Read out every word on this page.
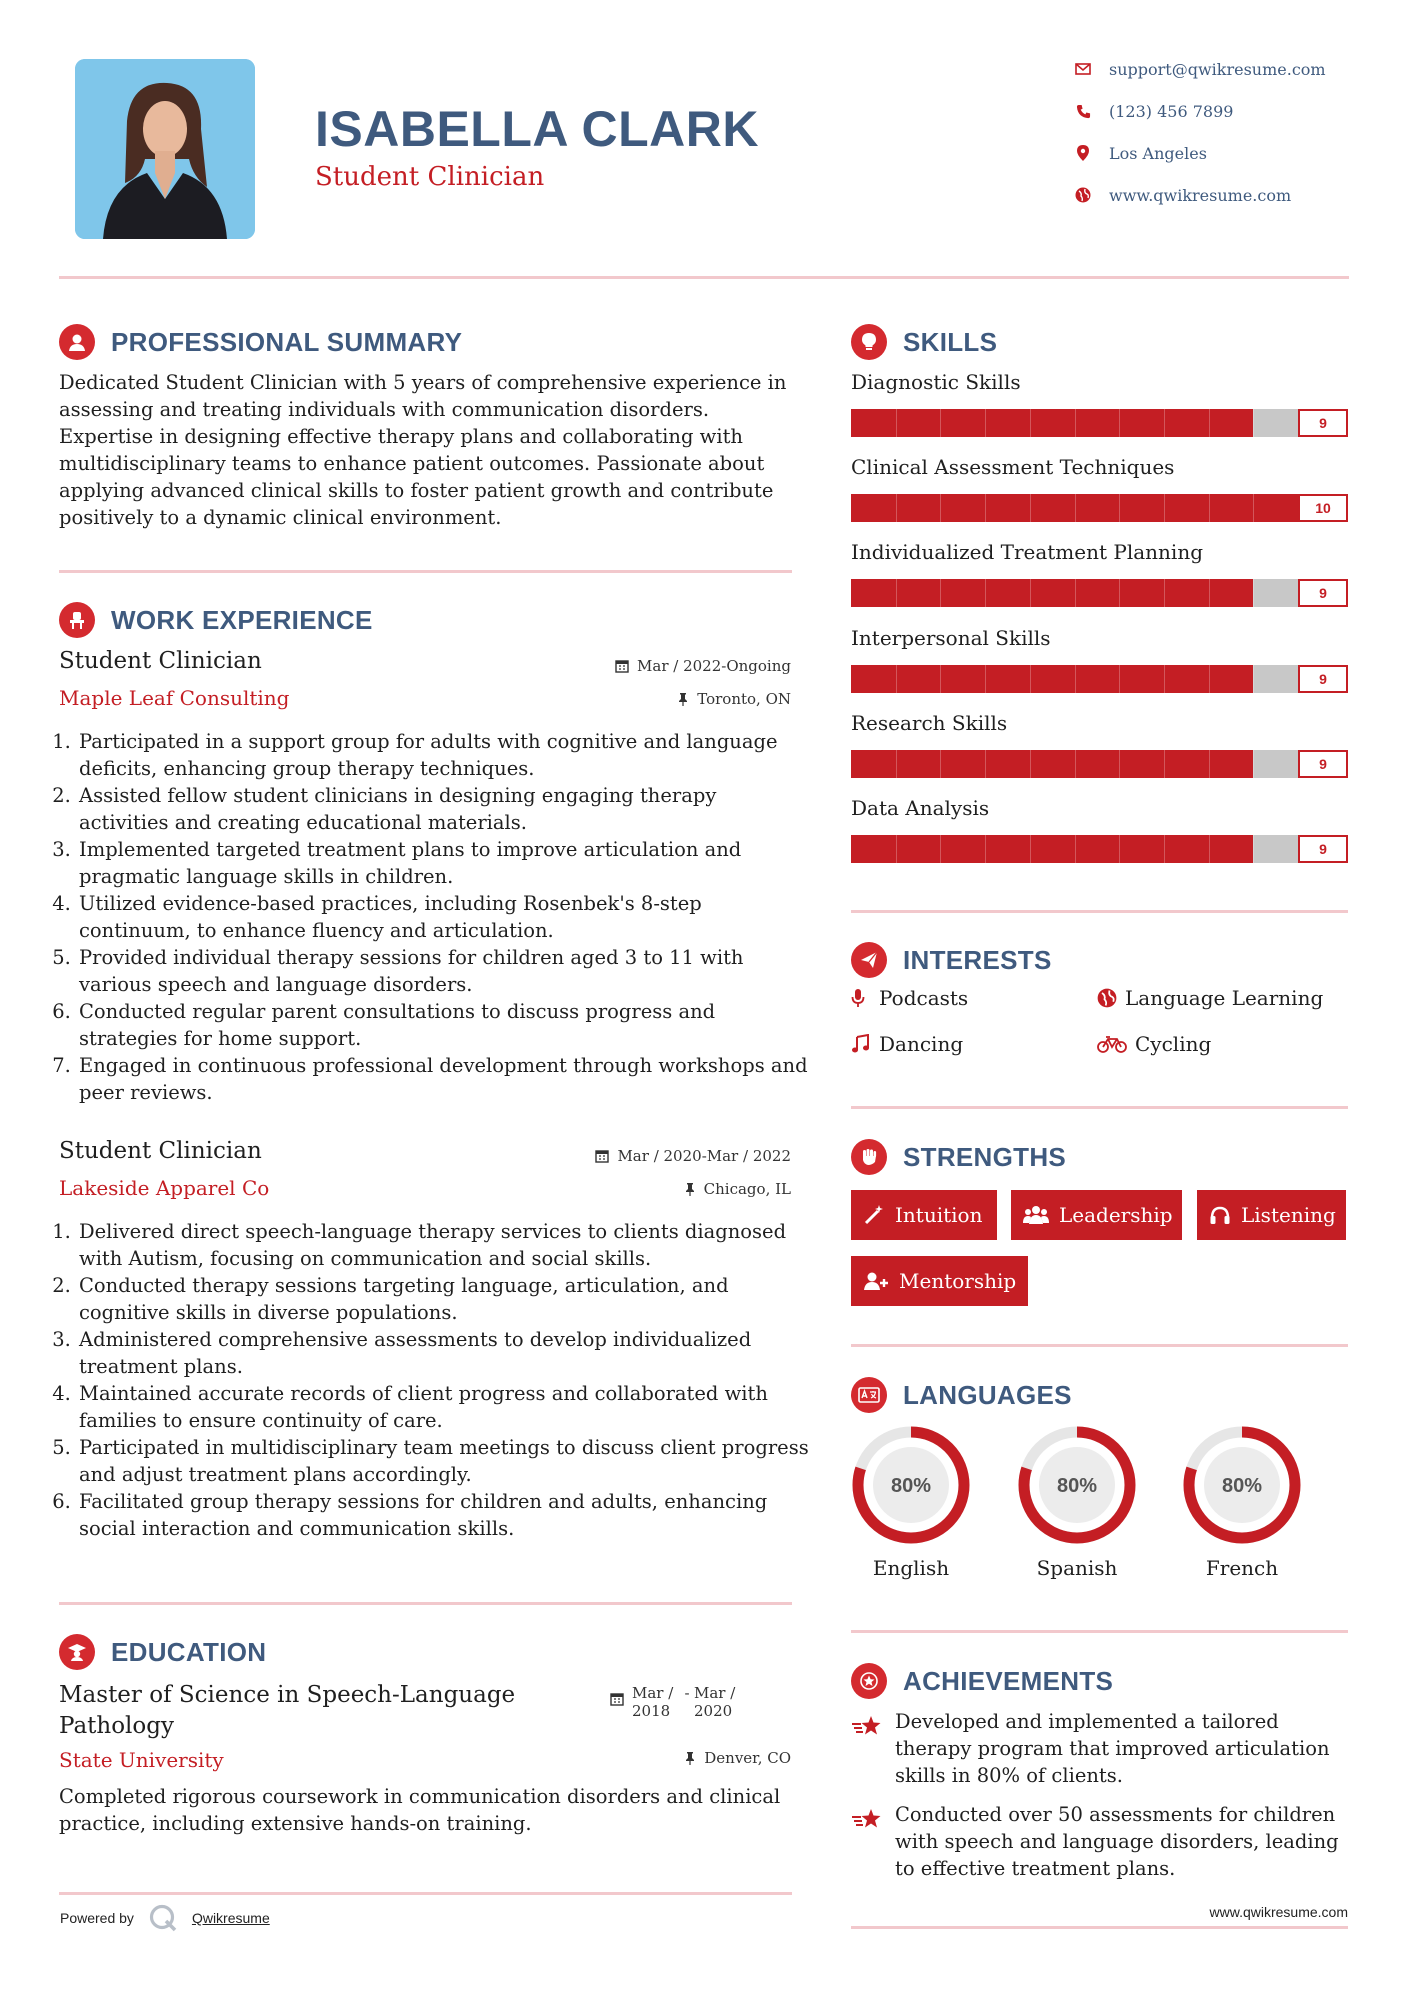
ISABELLA CLARK
Student Clinician
support@qwikresume.com
(123) 456 7899
Los Angeles
www.qwikresume.com
PROFESSIONAL SUMMARY
Dedicated Student Clinician with 5 years of comprehensive experience in assessing and treating individuals with communication disorders. Expertise in designing effective therapy plans and collaborating with multidisciplinary teams to enhance patient outcomes. Passionate about applying advanced clinical skills to foster patient growth and contribute positively to a dynamic clinical environment.
WORK EXPERIENCE
Student Clinician
Maple Leaf Consulting
Mar / 2022-Ongoing
Toronto, ON
1. Participated in a support group for adults with cognitive and language deficits, enhancing group therapy techniques.
2. Assisted fellow student clinicians in designing engaging therapy activities and creating educational materials.
3. Implemented targeted treatment plans to improve articulation and pragmatic language skills in children.
4. Utilized evidence-based practices, including Rosenbek's 8-step continuum, to enhance fluency and articulation.
5. Provided individual therapy sessions for children aged 3 to 11 with various speech and language disorders.
6. Conducted regular parent consultations to discuss progress and strategies for home support.
7. Engaged in continuous professional development through workshops and peer reviews.
Student Clinician
Lakeside Apparel Co
Mar / 2020-Mar / 2022
Chicago, IL
1. Delivered direct speech-language therapy services to clients diagnosed with Autism, focusing on communication and social skills.
2. Conducted therapy sessions targeting language, articulation, and cognitive skills in diverse populations.
3. Administered comprehensive assessments to develop individualized treatment plans.
4. Maintained accurate records of client progress and collaborated with families to ensure continuity of care.
5. Participated in multidisciplinary team meetings to discuss client progress and adjust treatment plans accordingly.
6. Facilitated group therapy sessions for children and adults, enhancing social interaction and communication skills.
EDUCATION
Master of Science in Speech-Language Pathology
Mar / 2018
- Mar / 2020
Denver, CO
State University
Completed rigorous coursework in communication disorders and clinical practice, including extensive hands-on training.
SKILLS
Diagnostic Skills
9
Clinical Assessment Techniques
10
Individualized Treatment Planning
9
Interpersonal Skills
9
Research Skills
9
Data Analysis
9
INTERESTS
Podcasts	Language Learning
Dancing	Cycling
STRENGTHS
Intuition	Leadership	Listening
Mentorship
LANGUAGES
80%
English
80%
Spanish
80%
French
ACHIEVEMENTS
Developed and implemented a tailored therapy program that improved articulation skills in 80% of clients.
Conducted over 50 assessments for children with speech and language disorders, leading to effective treatment plans.
Powered by	Qwikresume	www.qwikresume.com
